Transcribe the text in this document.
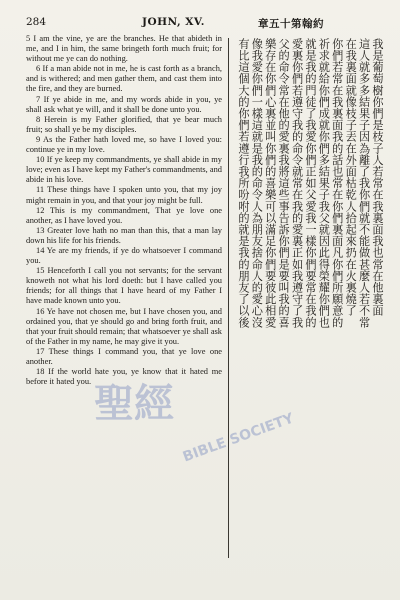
284	JOHN, XV.	章五十第翰約

5 I am the vine, ye are the branches. He that abideth in me, and I in him, the same bringeth forth much fruit; for without me ye can do nothing.

6 If a man abide not in me, he is cast forth as a branch, and is withered; and men gather them, and cast them into the fire, and they are burned.

7 If ye abide in me, and my words abide in you, ye shall ask what ye will, and it shall be done unto you.

8 Herein is my Father glorified, that ye bear much fruit; so shall ye be my disciples.

9 As the Father hath loved me, so have I loved you: continue ye in my love.

10 If ye keep my commandments, ye shall abide in my love; even as I have kept my Father's commandments, and abide in his love.

11 These things have I spoken unto you, that my joy might remain in you, and that your joy might be full.

12 This is my commandment, That ye love one another, as I have loved you.

13 Greater love hath no man than this, that a man lay down his life for his friends.

14 Ye are my friends, if ye do whatsoever I command you.

15 Henceforth I call you not servants; for the servant knoweth not what his lord doeth: but I have called you friends; for all things that I have heard of my Father I have made known unto you.

16 Ye have not chosen me, but I have chosen you, and ordained you, that ye should go and bring forth fruit, and that your fruit should remain; that whatsoever ye shall ask of the Father in my name, he may give it you.

17 These things I command you, that ye love one another.

18 If the world hate you, ye know that it hated me before it hated you.

我是葡萄樹你們是枝子人若常在我裏面我也常在他裏面
這人就多多結果子因為離了我你們就不能做甚麼人若不常
在我裏面就像枝子丟在外面枯乾人拾起來扔在火裏燒了
你們若常在我裏面我的話也常在你們裏面凡你們所願意的
祈求就給你們成就你們多結果子我父就因此得榮耀你們也
就是我的門徒了我愛你們正如父愛我一樣你們要常在我的
愛裏你們若遵守我的命令就常在我的愛裏正如我遵守了我
父的命令常在他的愛裏我將這些事告訴你們是要叫我的喜
樂存在你們心裏並叫你們的喜樂可以滿足你們要彼此相愛
像我愛你們一樣這就是我的命令人為朋友捨命人的愛心沒
有比這個大的你們若遵行我所吩咐的就是我的朋友了以後
聖經
BIBLE SOCIETY
